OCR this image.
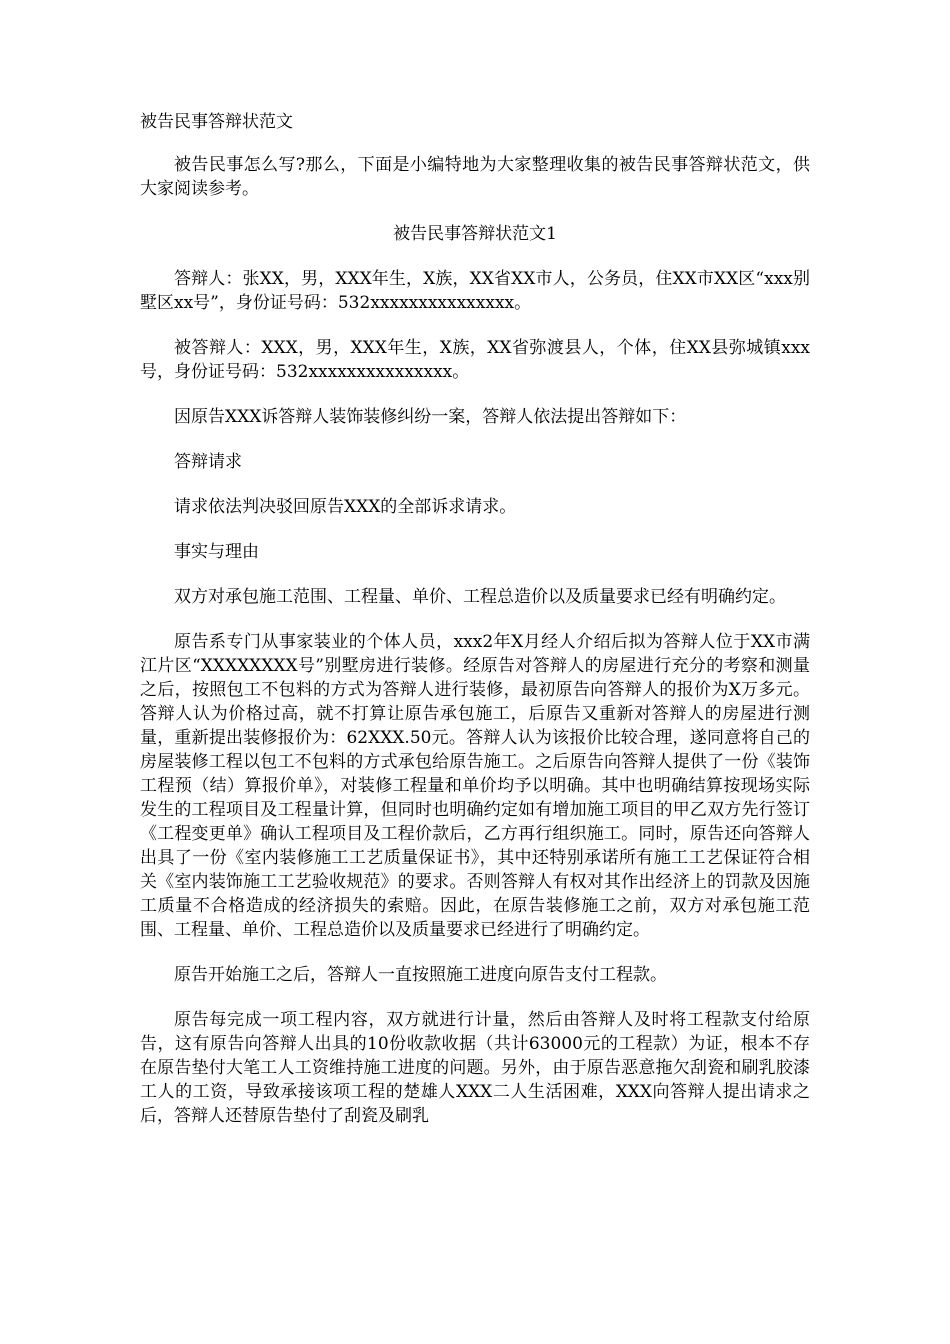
被告民事答辩状范文

被告民事怎么写?那么，下面是小编特地为大家整理收集的被告民事答辩状范文，供大家阅读参考。

被告民事答辩状范文1

答辩人：张XX，男，XXX年生，X族，XX省XX市人，公务员，住XX市XX区“xxx别墅区xx号”，身份证号码：532xxxxxxxxxxxxxxx。

被答辩人：XXX，男，XXX年生，X族，XX省弥渡县人，个体，住XX县弥城镇xxx号，身份证号码：532xxxxxxxxxxxxxxx。

因原告XXX诉答辩人装饰装修纠纷一案，答辩人依法提出答辩如下：

答辩请求

请求依法判决驳回原告XXX的全部诉求请求。

事实与理由

双方对承包施工范围、工程量、单价、工程总造价以及质量要求已经有明确约定。

原告系专门从事家装业的个体人员，xxx2年X月经人介绍后拟为答辩人位于XX市满江片区“XXXXXXXX号”别墅房进行装修。经原告对答辩人的房屋进行充分的考察和测量之后，按照包工不包料的方式为答辩人进行装修，最初原告向答辩人的报价为X万多元。答辩人认为价格过高，就不打算让原告承包施工，后原告又重新对答辩人的房屋进行测量，重新提出装修报价为：62XXX.50元。答辩人认为该报价比较合理，遂同意将自己的房屋装修工程以包工不包料的方式承包给原告施工。之后原告向答辩人提供了一份《装饰工程预（结）算报价单》，对装修工程量和单价均予以明确。其中也明确结算按现场实际发生的工程项目及工程量计算，但同时也明确约定如有增加施工项目的甲乙双方先行签订《工程变更单》确认工程项目及工程价款后，乙方再行组织施工。同时，原告还向答辩人出具了一份《室内装修施工工艺质量保证书》，其中还特别承诺所有施工工艺保证符合相关《室内装饰施工工艺验收规范》的要求。否则答辩人有权对其作出经济上的罚款及因施工质量不合格造成的经济损失的索赔。因此，在原告装修施工之前，双方对承包施工范围、工程量、单价、工程总造价以及质量要求已经进行了明确约定。

原告开始施工之后，答辩人一直按照施工进度向原告支付工程款。

原告每完成一项工程内容，双方就进行计量，然后由答辩人及时将工程款支付给原告，这有原告向答辩人出具的10份收款收据（共计63000元的工程款）为证，根本不存在原告垫付大笔工人工资维持施工进度的问题。另外，由于原告恶意拖欠刮瓷和刷乳胶漆工人的工资，导致承接该项工程的楚雄人XXX二人生活困难，XXX向答辩人提出请求之后，答辩人还替原告垫付了刮瓷及刷乳
